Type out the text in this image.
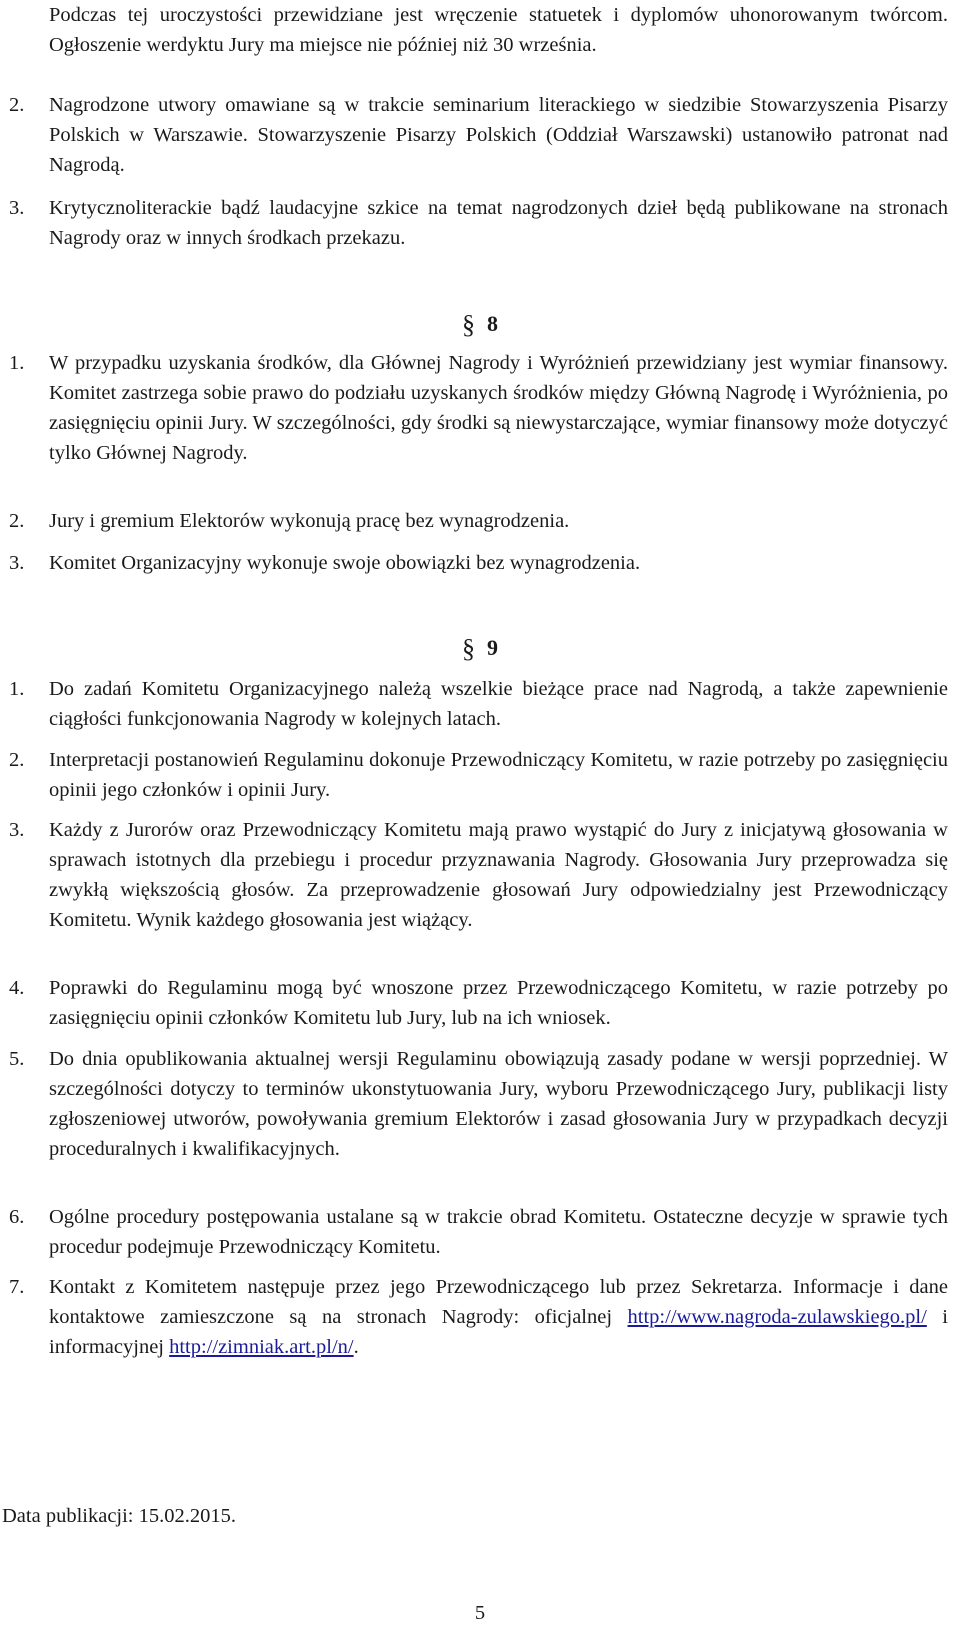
Podczas tej uroczystości przewidziane jest wręczenie statuetek i dyplomów uhonorowanym twórcom. Ogłoszenie werdyktu Jury ma miejsce nie później niż 30 września.

2. Nagrodzone utwory omawiane są w trakcie seminarium literackiego w siedzibie Stowarzyszenia Pisarzy Polskich w Warszawie. Stowarzyszenie Pisarzy Polskich (Oddział Warszawski) ustanowiło patronat nad Nagrodą.

3. Krytycznoliterackie bądź laudacyjne szkice na temat nagrodzonych dzieł będą publikowane na stronach Nagrody oraz w innych środkach przekazu.

§ 8

1. W przypadku uzyskania środków, dla Głównej Nagrody i Wyróżnień przewidziany jest wymiar finansowy. Komitet zastrzega sobie prawo do podziału uzyskanych środków między Główną Nagrodę i Wyróżnienia, po zasięgnięciu opinii Jury. W szczególności, gdy środki są niewystarczające, wymiar finansowy może dotyczyć tylko Głównej Nagrody.

2. Jury i gremium Elektorów wykonują pracę bez wynagrodzenia.

3. Komitet Organizacyjny wykonuje swoje obowiązki bez wynagrodzenia.

§ 9

1. Do zadań Komitetu Organizacyjnego należą wszelkie bieżące prace nad Nagrodą, a także zapewnienie ciągłości funkcjonowania Nagrody w kolejnych latach.

2. Interpretacji postanowień Regulaminu dokonuje Przewodniczący Komitetu, w razie potrzeby po zasięgnięciu opinii jego członków i opinii Jury.

3. Każdy z Jurorów oraz Przewodniczący Komitetu mają prawo wystąpić do Jury z inicjatywą głosowania w sprawach istotnych dla przebiegu i procedur przyznawania Nagrody. Głosowania Jury przeprowadza się zwykłą większością głosów. Za przeprowadzenie głosowań Jury odpowiedzialny jest Przewodniczący Komitetu. Wynik każdego głosowania jest wiążący.

4. Poprawki do Regulaminu mogą być wnoszone przez Przewodniczącego Komitetu, w razie potrzeby po zasięgnięciu opinii członków Komitetu lub Jury, lub na ich wniosek.

5. Do dnia opublikowania aktualnej wersji Regulaminu obowiązują zasady podane w wersji poprzedniej. W szczególności dotyczy to terminów ukonstytuowania Jury, wyboru Przewodniczącego Jury, publikacji listy zgłoszeniowej utworów, powoływania gremium Elektorów i zasad głosowania Jury w przypadkach decyzji proceduralnych i kwalifikacyjnych.

6. Ogólne procedury postępowania ustalane są w trakcie obrad Komitetu. Ostateczne decyzje w sprawie tych procedur podejmuje Przewodniczący Komitetu.

7. Kontakt z Komitetem następuje przez jego Przewodniczącego lub przez Sekretarza. Informacje i dane kontaktowe zamieszczone są na stronach Nagrody: oficjalnej http://www.nagroda-zulawskiego.pl/ i informacyjnej http://zimniak.art.pl/n/.

Data publikacji: 15.02.2015.
5
